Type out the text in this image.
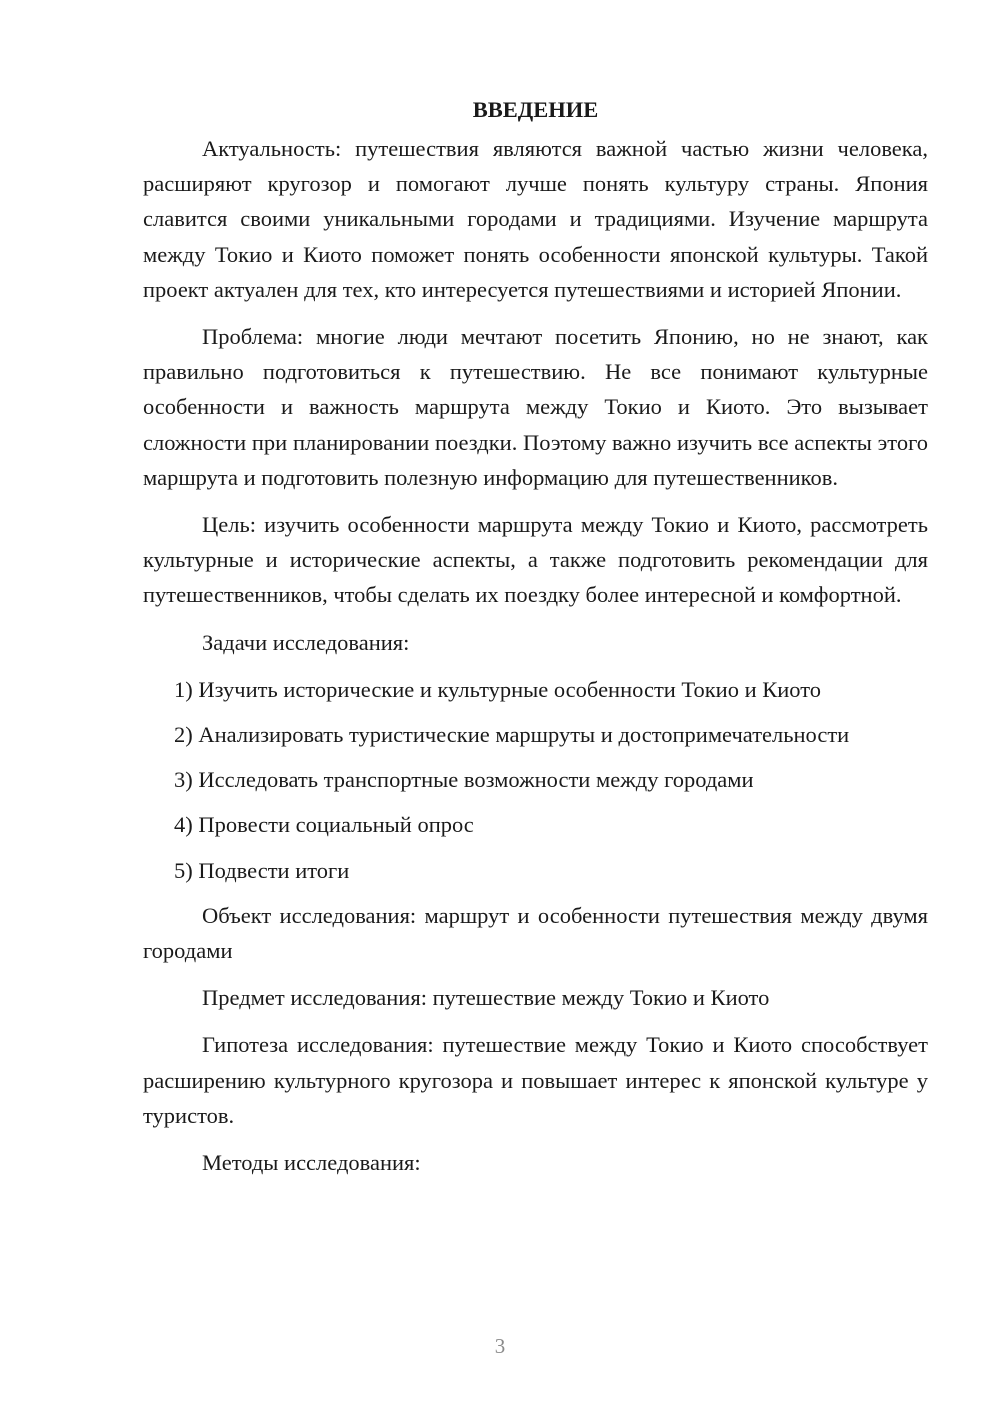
ВВЕДЕНИЕ

Актуальность: путешествия являются важной частью жизни человека, расширяют кругозор и помогают лучше понять культуру страны. Япония славится своими уникальными городами и традициями. Изучение маршрута между Токио и Киото поможет понять особенности японской культуры. Такой проект актуален для тех, кто интересуется путешествиями и историей Японии.

Проблема: многие люди мечтают посетить Японию, но не знают, как правильно подготовиться к путешествию. Не все понимают культурные особенности и важность маршрута между Токио и Киото. Это вызывает сложности при планировании поездки. Поэтому важно изучить все аспекты этого маршрута и подготовить полезную информацию для путешественников.

Цель: изучить особенности маршрута между Токио и Киото, рассмотреть культурные и исторические аспекты, а также подготовить рекомендации для путешественников, чтобы сделать их поездку более интересной и комфортной.

Задачи исследования:

1) Изучить исторические и культурные особенности Токио и Киото
2) Анализировать туристические маршруты и достопримечательности
3) Исследовать транспортные возможности между городами
4) Провести социальный опрос
5) Подвести итоги

Объект исследования: маршрут и особенности путешествия между двумя городами

Предмет исследования: путешествие между Токио и Киото

Гипотеза исследования: путешествие между Токио и Киото способствует расширению культурного кругозора и повышает интерес к японской культуре у туристов.

Методы исследования:

3
